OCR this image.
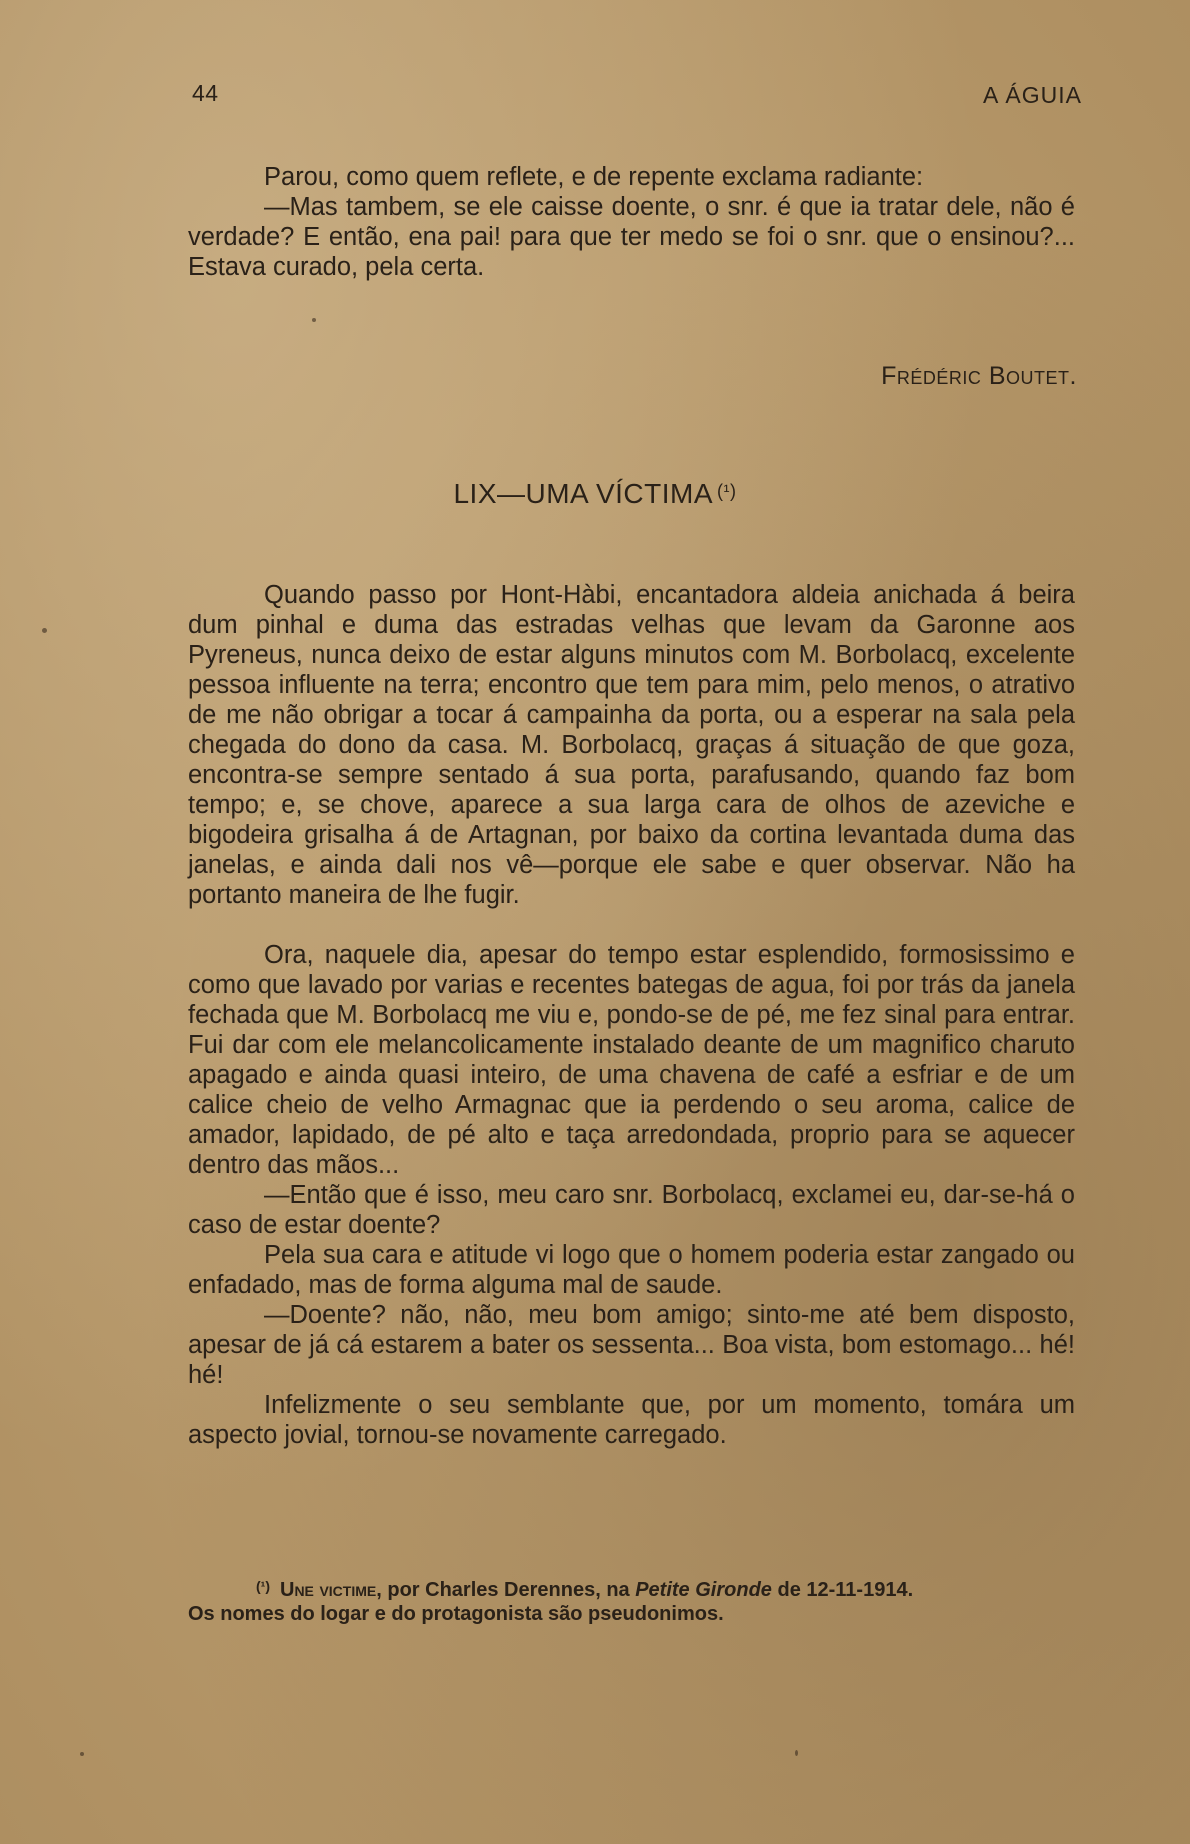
44	A ÁGUIA

Parou, como quem reflete, e de repente exclama radiante:

—Mas tambem, se ele caisse doente, o snr. é que ia tratar dele, não é verdade? E então, ena pai! para que ter medo se foi o snr. que o ensinou?... Estava curado, pela certa.

Frédéric Boutet.
LIX—UMA VÍCTIMA $^{(^1)}$

Quando passo por Hont-Hàbi, encantadora aldeia anichada á beira dum pinhal e duma das estradas velhas que levam da Garonne aos Pyreneus, nunca deixo de estar alguns minutos com M. Borbolacq, excelente pessoa influente na terra; encontro que tem para mim, pelo menos, o atrativo de me não obrigar a tocar á campainha da porta, ou a esperar na sala pela chegada do dono da casa. M. Borbolacq, graças á situação de que goza, encontra-se sempre sentado á sua porta, parafusando, quando faz bom tempo; e, se chove, aparece a sua larga cara de olhos de azeviche e bigodeira grisalha á de Artagnan, por baixo da cortina levantada duma das janelas, e ainda dali nos vê—porque ele sabe e quer observar. Não ha portanto maneira de lhe fugir.

Ora, naquele dia, apesar do tempo estar esplendido, formosissimo e como que lavado por varias e recentes bategas de agua, foi por trás da janela fechada que M. Borbolacq me viu e, pondo-se de pé, me fez sinal para entrar. Fui dar com ele melancolicamente instalado deante de um magnifico charuto apagado e ainda quasi inteiro, de uma chavena de café a esfriar e de um calice cheio de velho Armagnac que ia perdendo o seu aroma, calice de amador, lapidado, de pé alto e taça arredondada, proprio para se aquecer dentro das mãos...

—Então que é isso, meu caro snr. Borbolacq, exclamei eu, dar-se-há o caso de estar doente?

Pela sua cara e atitude vi logo que o homem poderia estar zangado ou enfadado, mas de forma alguma mal de saude.

—Doente? não, não, meu bom amigo; sinto-me até bem disposto, apesar de já cá estarem a bater os sessenta... Boa vista, bom estomago... hé! hé!

Infelizmente o seu semblante que, por um momento, tomára um aspecto jovial, tornou-se novamente carregado.

$^{(^1)}$ Une victime, por Charles Derennes, na Petite Gironde de 12-11-1914.

Os nomes do logar e do protagonista são pseudonimos.
